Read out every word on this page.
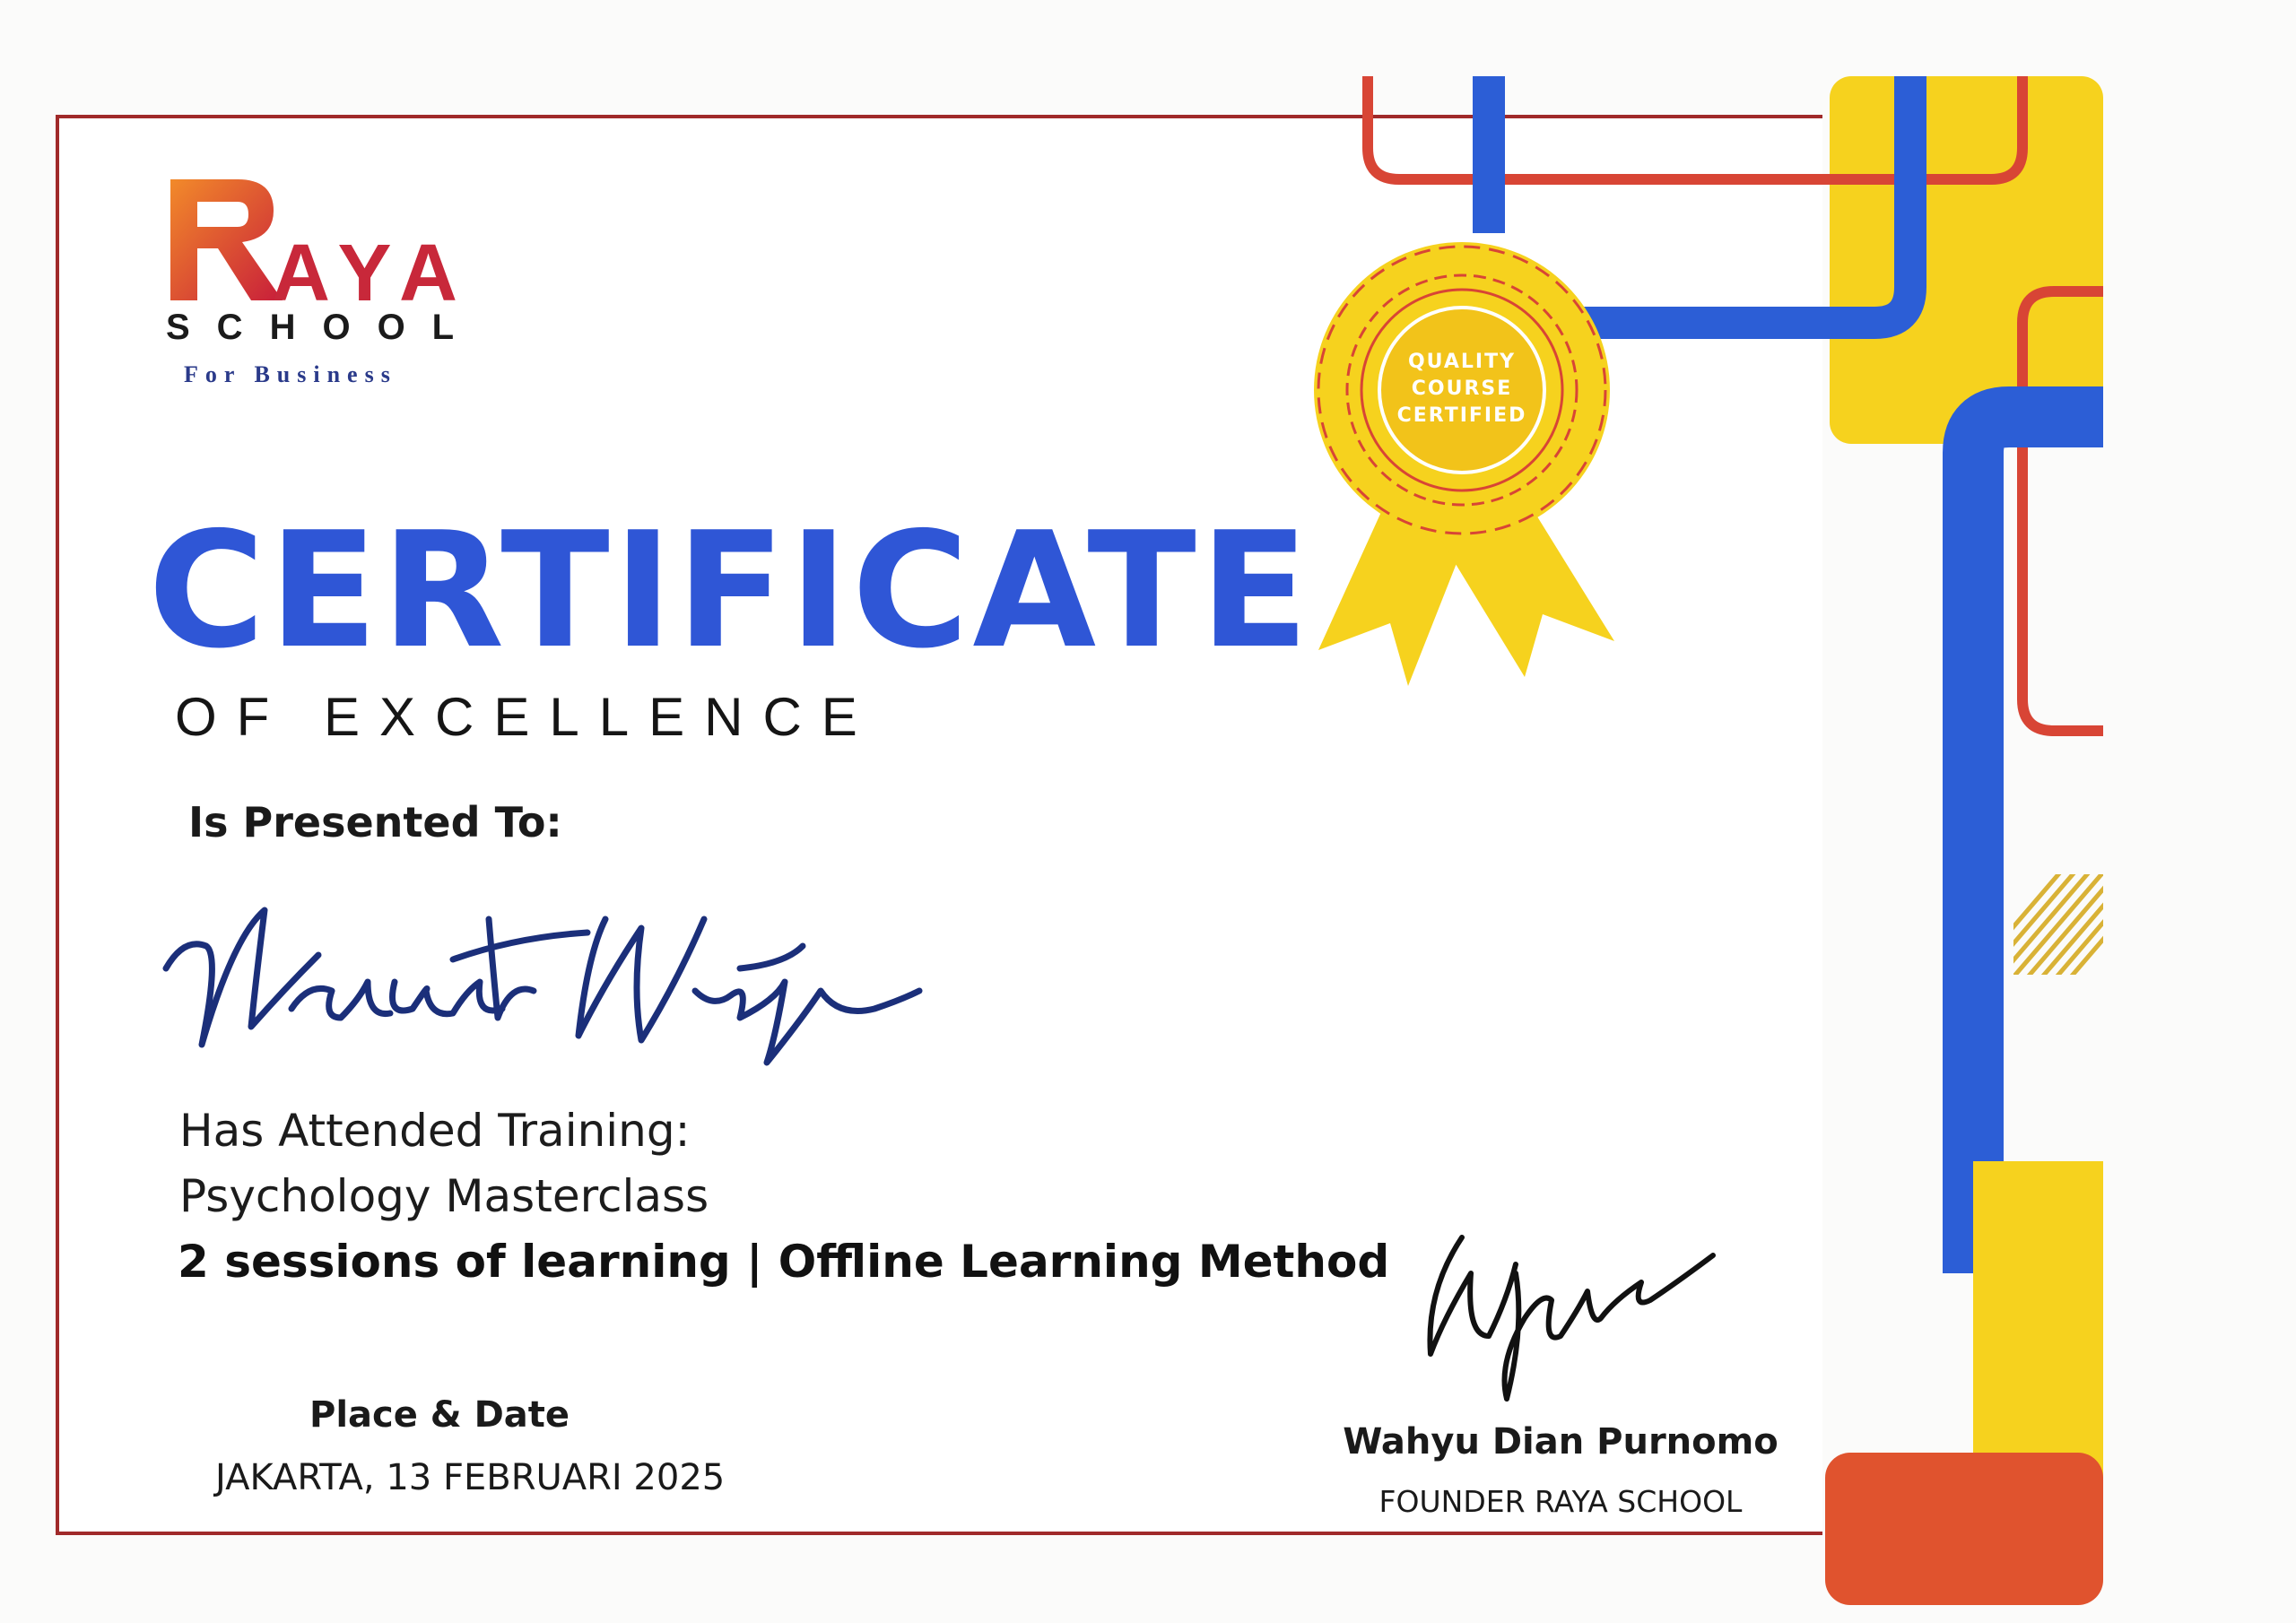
AYA
SCHOOL
For Business	QUALITY
COURSE
CERTIFIED
CERTIFICATE
OF EXCELLENCE
Is Presented To:
Has Attended Training:
Psychology Masterclass
2 sessions of learning | Offline Learning Method
Place & Date
JAKARTA, 13 FEBRUARI 2025
Wahyu Dian Purnomo
FOUNDER RAYA SCHOOL
